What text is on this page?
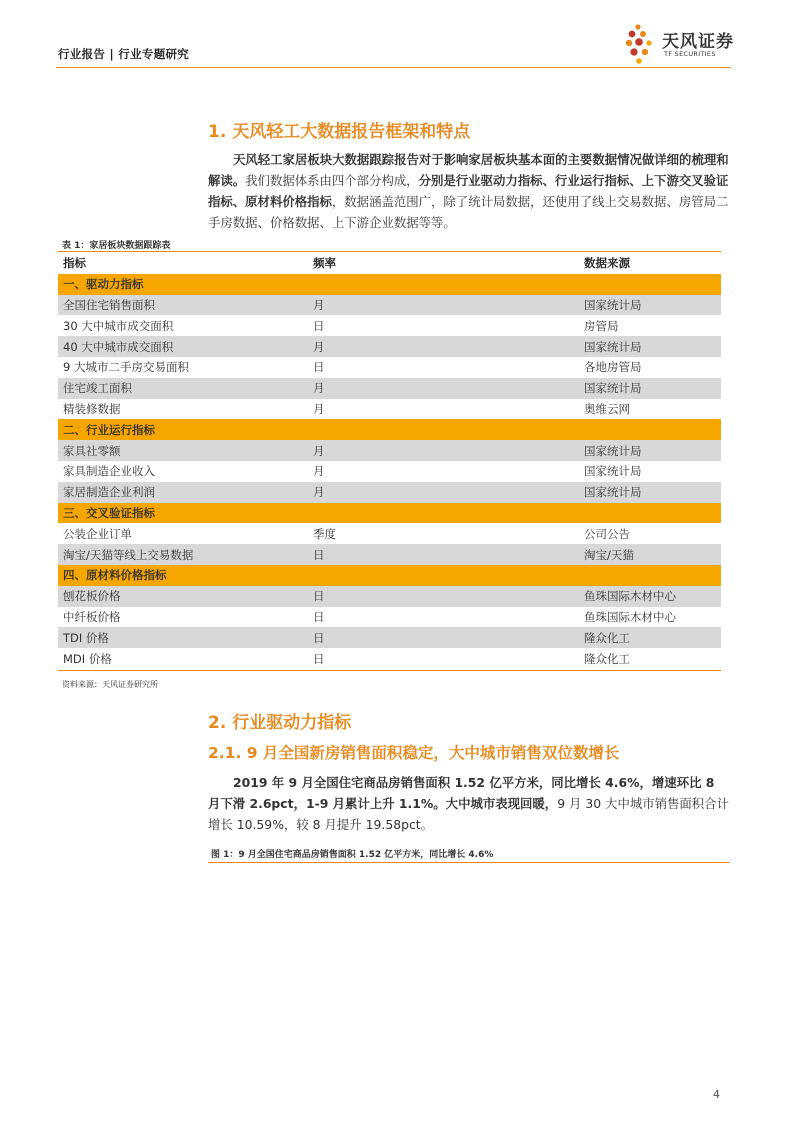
行业报告 | 行业专题研究
天风证券
TF SECURITIES
1. 天风轻工大数据报告框架和特点
天风轻工家居板块大数据跟踪报告对于影响家居板块基本面的主要数据情况做详细的梳理和解读。我们数据体系由四个部分构成，分别是行业驱动力指标、行业运行指标、上下游交叉验证指标、原材料价格指标，数据涵盖范围广，除了统计局数据，还使用了线上交易数据、房管局二手房数据、价格数据、上下游企业数据等等。
表 1：家居板块数据跟踪表
指标	频率	数据来源
一、驱动力指标		
全国住宅销售面积	月	国家统计局
30 大中城市成交面积	日	房管局
40 大中城市成交面积	月	国家统计局
9 大城市二手房交易面积	日	各地房管局
住宅竣工面积	月	国家统计局
精装修数据	月	奥维云网
二、行业运行指标		
家具社零额	月	国家统计局
家具制造企业收入	月	国家统计局
家居制造企业利润	月	国家统计局
三、交叉验证指标		
公装企业订单	季度	公司公告
淘宝/天猫等线上交易数据	日	淘宝/天猫
四、原材料价格指标		
刨花板价格	日	鱼珠国际木材中心
中纤板价格	日	鱼珠国际木材中心
TDI 价格	日	隆众化工
MDI 价格	日	隆众化工
资料来源：天风证券研究所
2. 行业驱动力指标
2.1. 9 月全国新房销售面积稳定，大中城市销售双位数增长
2019 年 9 月全国住宅商品房销售面积 1.52 亿平方米，同比增长 4.6%，增速环比 8 月下滑 2.6pct，1-9 月累计上升 1.1%。大中城市表现回暖，9 月 30 大中城市销售面积合计增长 10.59%，较 8 月提升 19.58pct。
图 1：9 月全国住宅商品房销售面积 1.52 亿平方米，同比增长 4.6%
4
